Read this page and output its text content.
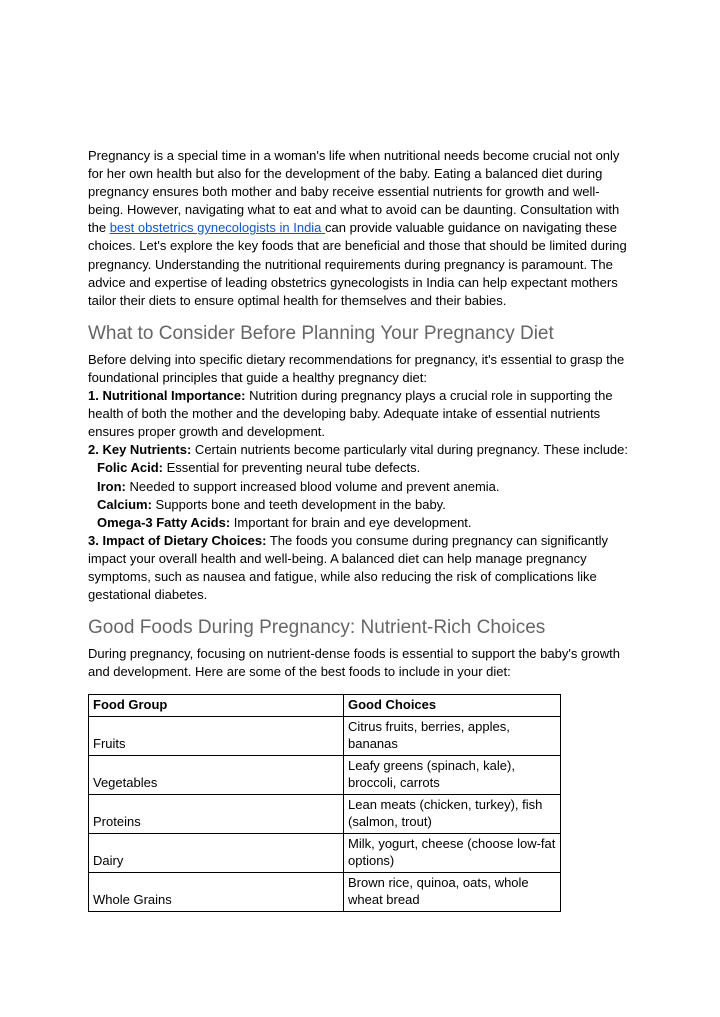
Pregnancy is a special time in a woman's life when nutritional needs become crucial not only for her own health but also for the development of the baby. Eating a balanced diet during pregnancy ensures both mother and baby receive essential nutrients for growth and well-being. However, navigating what to eat and what to avoid can be daunting. Consultation with the best obstetrics gynecologists in India can provide valuable guidance on navigating these choices. Let's explore the key foods that are beneficial and those that should be limited during pregnancy. Understanding the nutritional requirements during pregnancy is paramount. The advice and expertise of leading obstetrics gynecologists in India can help expectant mothers tailor their diets to ensure optimal health for themselves and their babies.

What to Consider Before Planning Your Pregnancy Diet

Before delving into specific dietary recommendations for pregnancy, it's essential to grasp the foundational principles that guide a healthy pregnancy diet:

1. Nutritional Importance: Nutrition during pregnancy plays a crucial role in supporting the health of both the mother and the developing baby. Adequate intake of essential nutrients ensures proper growth and development.

2. Key Nutrients: Certain nutrients become particularly vital during pregnancy. These include:

Folic Acid: Essential for preventing neural tube defects.

Iron: Needed to support increased blood volume and prevent anemia.

Calcium: Supports bone and teeth development in the baby.

Omega-3 Fatty Acids: Important for brain and eye development.

3. Impact of Dietary Choices: The foods you consume during pregnancy can significantly impact your overall health and well-being. A balanced diet can help manage pregnancy symptoms, such as nausea and fatigue, while also reducing the risk of complications like gestational diabetes.

Good Foods During Pregnancy: Nutrient-Rich Choices

During pregnancy, focusing on nutrient-dense foods is essential to support the baby's growth and development. Here are some of the best foods to include in your diet:

Food Group	Good Choices
Fruits	Citrus fruits, berries, apples, bananas
Vegetables	Leafy greens (spinach, kale), broccoli, carrots
Proteins	Lean meats (chicken, turkey), fish (salmon, trout)
Dairy	Milk, yogurt, cheese (choose low-fat options)
Whole Grains	Brown rice, quinoa, oats, whole wheat bread
